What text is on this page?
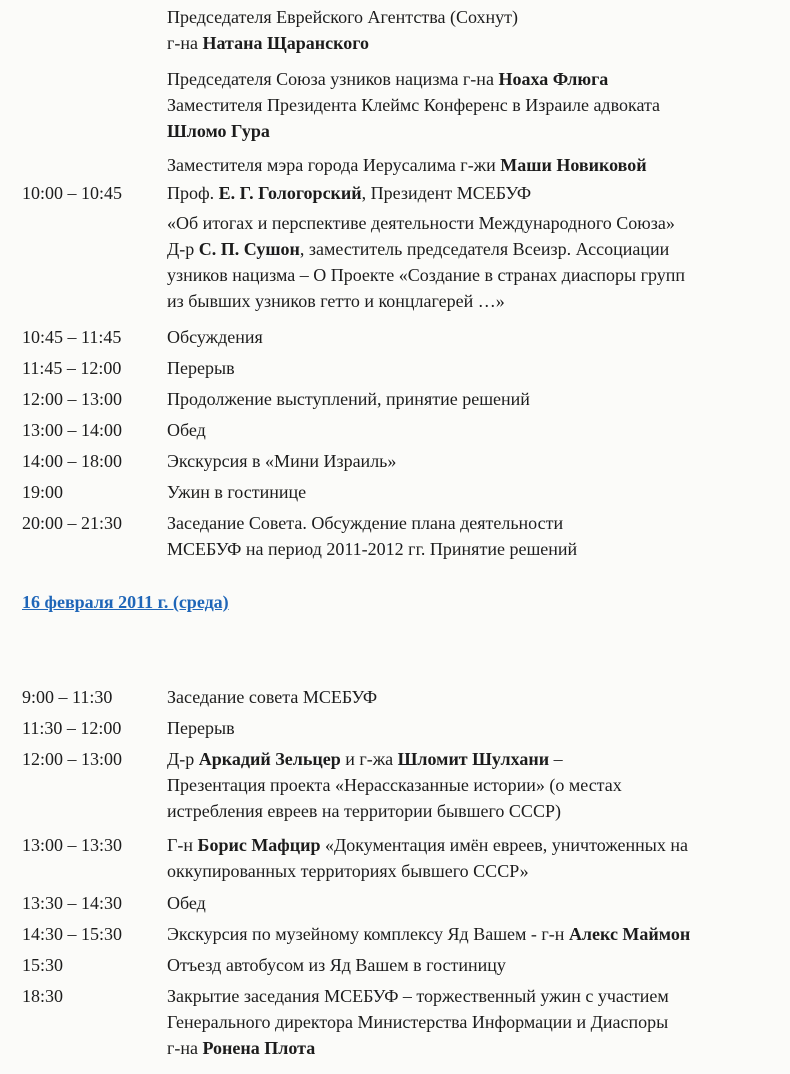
Председателя Еврейского Агентства (Сохнут)
г-на Натана Щаранского
Председателя Союза узников нацизма г-на Ноаха Флюга
Заместителя Президента Клеймс Конференс в Израиле адвоката
Шломо Гура
Заместителя мэра города Иерусалима г-жи Маши Новиковой
10:00 – 10:45 Проф. Е. Г. Гологорский, Президент МСЕБУФ
«Об итогах и перспективе деятельности Международного Союза»
Д-р С. П. Сушон, заместитель председателя Всеизр. Ассоциации
узников нацизма – О Проекте «Создание в странах диаспоры групп
из бывших узников гетто и концлагерей …»
10:45 – 11:45	Обсуждения
11:45 – 12:00	Перерыв
12:00 – 13:00 Продолжение выступлений, принятие решений
13:00 – 14:00 Обед
14:00 – 18:00 Экскурсия в «Мини Израиль»
19:00	Ужин в гостинице
20:00 – 21:30 Заседание Совета. Обсуждение плана деятельности
МСЕБУФ на период 2011-2012 гг. Принятие решений
16 февраля 2011 г. (среда)
9:00 – 11:30	Заседание совета МСЕБУФ
11:30 – 12:00	Перерыв
12:00 – 13:00 Д-р Аркадий Зельцер и г-жа Шломит Шулхани –
Презентация проекта «Нерассказанные истории» (о местах
истребления евреев на территории бывшего СССР)
13:00 – 13:30 Г-н Борис Мафцир «Документация имён евреев, уничтоженных на
оккупированных территориях бывшего СССР»
13:30 – 14:30 Обед
14:30 – 15:30 Экскурсия по музейному комплексу Яд Вашем - г-н Алекс Маймон
15:30	Отъезд автобусом из Яд Вашем в гостиницу
18:30	Закрытие заседания МСЕБУФ – торжественный ужин с участием
Генерального директора Министерства Информации и Диаспоры
г-на Ронена Плота
